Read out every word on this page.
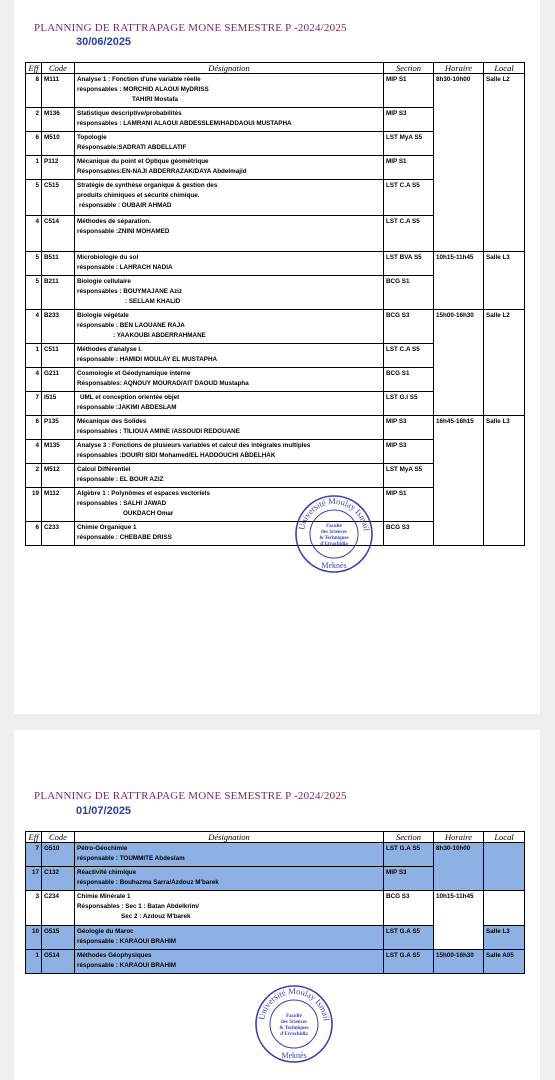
PLANNING DE RATTRAPAGE MONE SEMESTRE P -2024/2025
30/06/2025
Eff	Code	Désignation	Section	Horaire	Local
8	M111	Analyse 1 : Fonction d'une variable réelle
résponsables : MORCHID ALAOUI MyDRISS
TAHIRI Mostafa	MIP S1	8h30-10h00	Salle L2
2	M136	Statistique descriptive/probabilités
résponsables : LAMRANI ALAOUI ABDESSLEM/HADDAOUI MUSTAPHA	MIP S3		
6	M510	Topologie
Résponsable:SADRATI ABDELLATIF	LST MyA S5		
1	P112	Mécanique du point et Optique géométrique
Résponsables:EN-NAJI ABDERRAZAK/DAYA Abdelmajid	MIP S1		
5	C515	Stratégie de synthèse organique & gestion des
produits chimiques et sécurité chimique.
résponsable : OUBAIR AHMAD	LST C.A S5		
4	C514	Méthodes de séparation.
résponsable :ZNINI MOHAMED	LST C.A S5		
5	B511	Microbiologie du sol
résponsable : LAHRACH NADIA	LST BVA S5	10h15-11h45	Salle L3
5	B211	Biologie cellulaire
résponsables : BOUYMAJANE Aziz
: SELLAM KHALID	BCG S1		
4	B233	Biologie végétale
résponsable : BEN LAOUANE RAJA
: YAAKOUBI ABDERRAHMANE	BCG S3	15h00-16h30	Salle L2
1	C511	Méthodes d'analyse I.
résponsable : HAMIDI MOULAY EL MUSTAPHA	LST C.A S5		
4	G211	Cosmologie et Géodynamique interne
Résponsables: AQNOUY MOURAD/AIT DAOUD Mustapha	BCG S1		
7	I515	UML et conception orientée objet
résponsable :JAKIMI ABDESLAM	LST G.I S5		
6	P135	Mécanique des Solides
résponsables : TILIOUA AMINE /ASSOUDI REDOUANE	MIP S3	16h45-18h15	Salle L3
4	M135	Analyse 3 : Fonctions de plusieurs variables et calcul des intégrales multiples
résponsables :DOUIRI SIDI Mohamed/EL HADDOUCHI ABDELHAK	MIP S3		
2	M512	Calcul Différentiel
résponsable : EL BOUR AZIZ	LST MyA S5		
19	M112	Algèbre 1 : Polynômes et espaces vectoriels
résponsables : SALHI JAWAD
OUKDACH Omar	MIP S1		
6	C233	Chimie Organique 1
résponsable : CHEBABE DRISS	BCG S3		
Université Moulay Ismaïl
Faculté
des Sciences
& Techniques
d'Errachidia
Meknès
PLANNING DE RATTRAPAGE MONE SEMESTRE P -2024/2025
01/07/2025
Eff	Code	Désignation	Section	Horaire	Local
7	G510	Pétro-Géochimie
résponsable : TOUMMITE Abdeslam	LST G.A S5	8h30-10h00	
17	C132	Réactivité chimique
résponsable : Bouhazma Sarra/Azdouz M'barek	MIP S3		
3	C234	Chimie Minérale 1
Résponsables : Sec 1 : Batan Abdelkrim/
Sec 2 : Azdouz M'barek	BCG S3	10h15-11h45	
10	G515	Géologie du Maroc
résponsable : KARAOUI BRAHIM	LST G.A S5		Salle L3
1	G514	Méthodes Géophysiques
résponsable : KARAOUI BRAHIM	LST G.A S5	15h00-16h30	Salle A05
Université Moulay Ismaïl
Faculté
des Sciences
& Techniques
d'Errachidia
Meknès
